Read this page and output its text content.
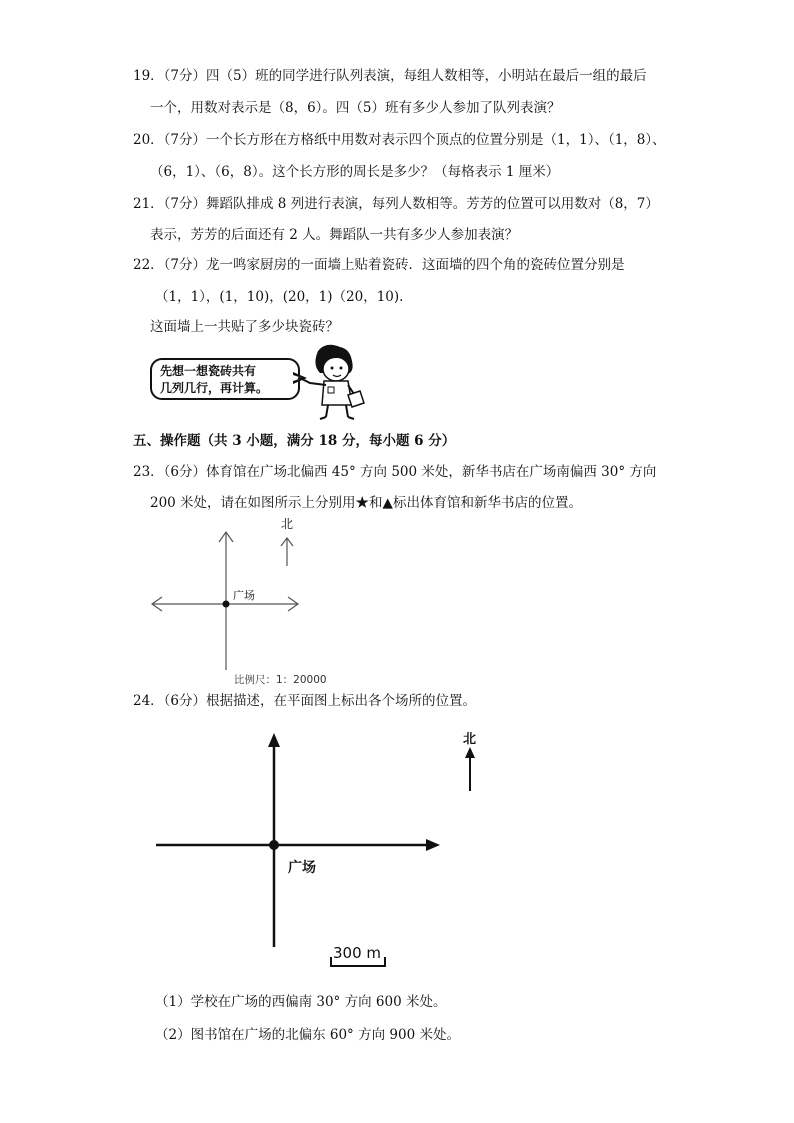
19．（7分）四（5）班的同学进行队列表演，每组人数相等，小明站在最后一组的最后
一个，用数对表示是（8，6）。四（5）班有多少人参加了队列表演？
20．（7分）一个长方形在方格纸中用数对表示四个顶点的位置分别是（1，1）、（1，8）、
（6，1）、（6，8）。这个长方形的周长是多少？（每格表示 1 厘米）
21．（7分）舞蹈队排成 8 列进行表演，每列人数相等。芳芳的位置可以用数对（8，7）
表示，芳芳的后面还有 2 人。舞蹈队一共有多少人参加表演？
22．（7分）龙一鸣家厨房的一面墙上贴着瓷砖．这面墙的四个角的瓷砖位置分别是
（1，1），(1，10)，(20，1)（20，10).
这面墙上一共贴了多少块瓷砖？
先想一想瓷砖共有
几列几行，再计算。
五、操作题（共 3 小题，满分 18 分，每小题 6 分）
23．（6分）体育馆在广场北偏西 45° 方向 500 米处，新华书店在广场南偏西 30° 方向
200 米处，请在如图所示上分别用★和▲标出体育馆和新华书店的位置。
北
广场
比例尺：1：20000
24．（6分）根据描述，在平面图上标出各个场所的位置。
北
广场
300 m
（1）学校在广场的西偏南 30° 方向 600 米处。
（2）图书馆在广场的北偏东 60° 方向 900 米处。
